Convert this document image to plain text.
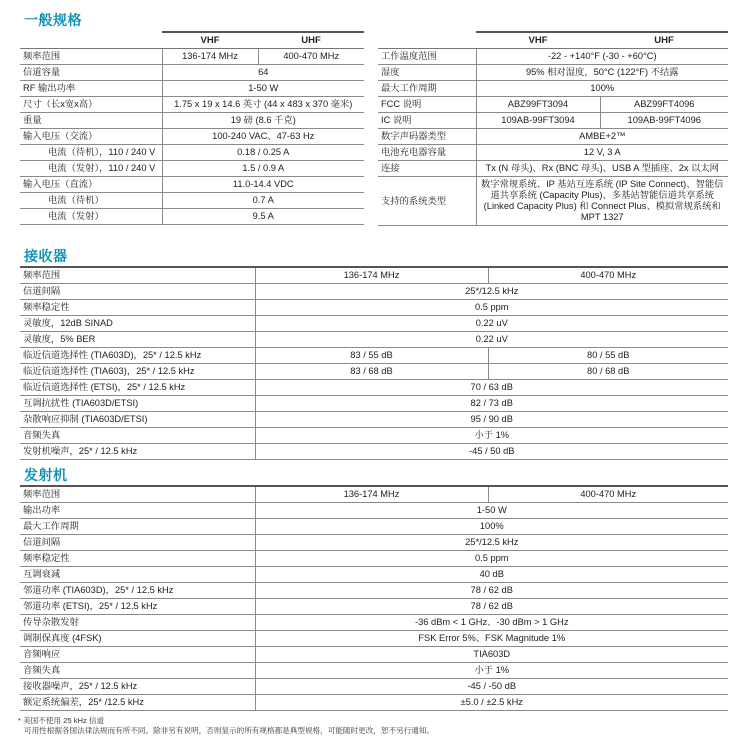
一般规格
	VHF	UHF
频率范围	136-174 MHz	400-470 MHz
信道容量	64	
RF 输出功率	1-50 W	
尺寸（长x宽x高）	1.75 x 19 x 14.6 英寸 (44 x 483 x 370 毫米)	
重量	19 磅 (8.6 千克)	
输入电压（交流）	100-240 VAC、47-63 Hz	
电流（待机），110 / 240 V	0.18 / 0.25 A	
电流（发射），110 / 240 V	1.5 / 0.9 A	
输入电压（直流）	11.0-14.4 VDC	
电流（待机）	0.7 A	
电流（发射）	9.5 A	
	VHF	UHF
工作温度范围	-22 - +140°F (-30 - +60°C)	
湿度	95% 相对湿度，50°C (122°F) 不结露	
最大工作周期	100%	
FCC 说明	ABZ99FT3094	ABZ99FT4096
IC 说明	109AB-99FT3094	109AB-99FT4096
数字声码器类型	AMBE+2™	
电池充电器容量	12 V, 3 A	
连接	Tx (N 母头)、Rx (BNC 母头)、USB A 型插座、2x 以太网	
支持的系统类型	数字常规系统、IP 基站互连系统 (IP Site Connect)、智能信道共享系统 (Capacity Plus)、多基站智能信道共享系统 (Linked Capacity Plus) 和 Connect Plus、模拟常规系统和 MPT 1327	
接收器
频率范围	136-174 MHz	400-470 MHz
信道间隔	25*/12.5 kHz	
频率稳定性	0.5 ppm	
灵敏度，12dB SINAD	0.22 uV	
灵敏度，5% BER	0.22 uV	
临近信道选择性 (TIA603D)，25* / 12.5 kHz	83 / 55 dB	80 / 55 dB
临近信道选择性 (TIA603)，25* / 12.5 kHz	83 / 68 dB	80 / 68 dB
临近信道选择性 (ETSI)，25* / 12.5 kHz	70 / 63 dB	
互调抗扰性 (TIA603D/ETSI)	82 / 73 dB	
杂散响应抑制 (TIA603D/ETSI)	95 / 90 dB	
音频失真	小于 1%	
发射机噪声，25* / 12.5 kHz	-45 / 50 dB	
发射机
频率范围	136-174 MHz	400-470 MHz
输出功率	1-50 W	
最大工作周期	100%	
信道间隔	25*/12.5 kHz	
频率稳定性	0.5 ppm	
互调衰减	40 dB	
邻道功率 (TIA603D)，25* / 12.5 kHz	78 / 62 dB	
邻道功率 (ETSI)，25* / 12.5 kHz	78 / 62 dB	
传导杂散发射	-36 dBm < 1 GHz、-30 dBm > 1 GHz	
调制保真度 (4FSK)	FSK Error 5%、FSK Magnitude 1%	
音频响应	TIA603D	
音频失真	小于 1%	
接收器噪声，25* / 12.5 kHz	-45 / -50 dB	
额定系统偏差，25* /12.5 kHz	±5.0 / ±2.5 kHz	
* 美国不使用 25 kHz 信道
可用性根据各国法律法规而有所不同。除非另有说明，否则显示的所有规格都是典型规格，可能随时更改，恕不另行通知。
